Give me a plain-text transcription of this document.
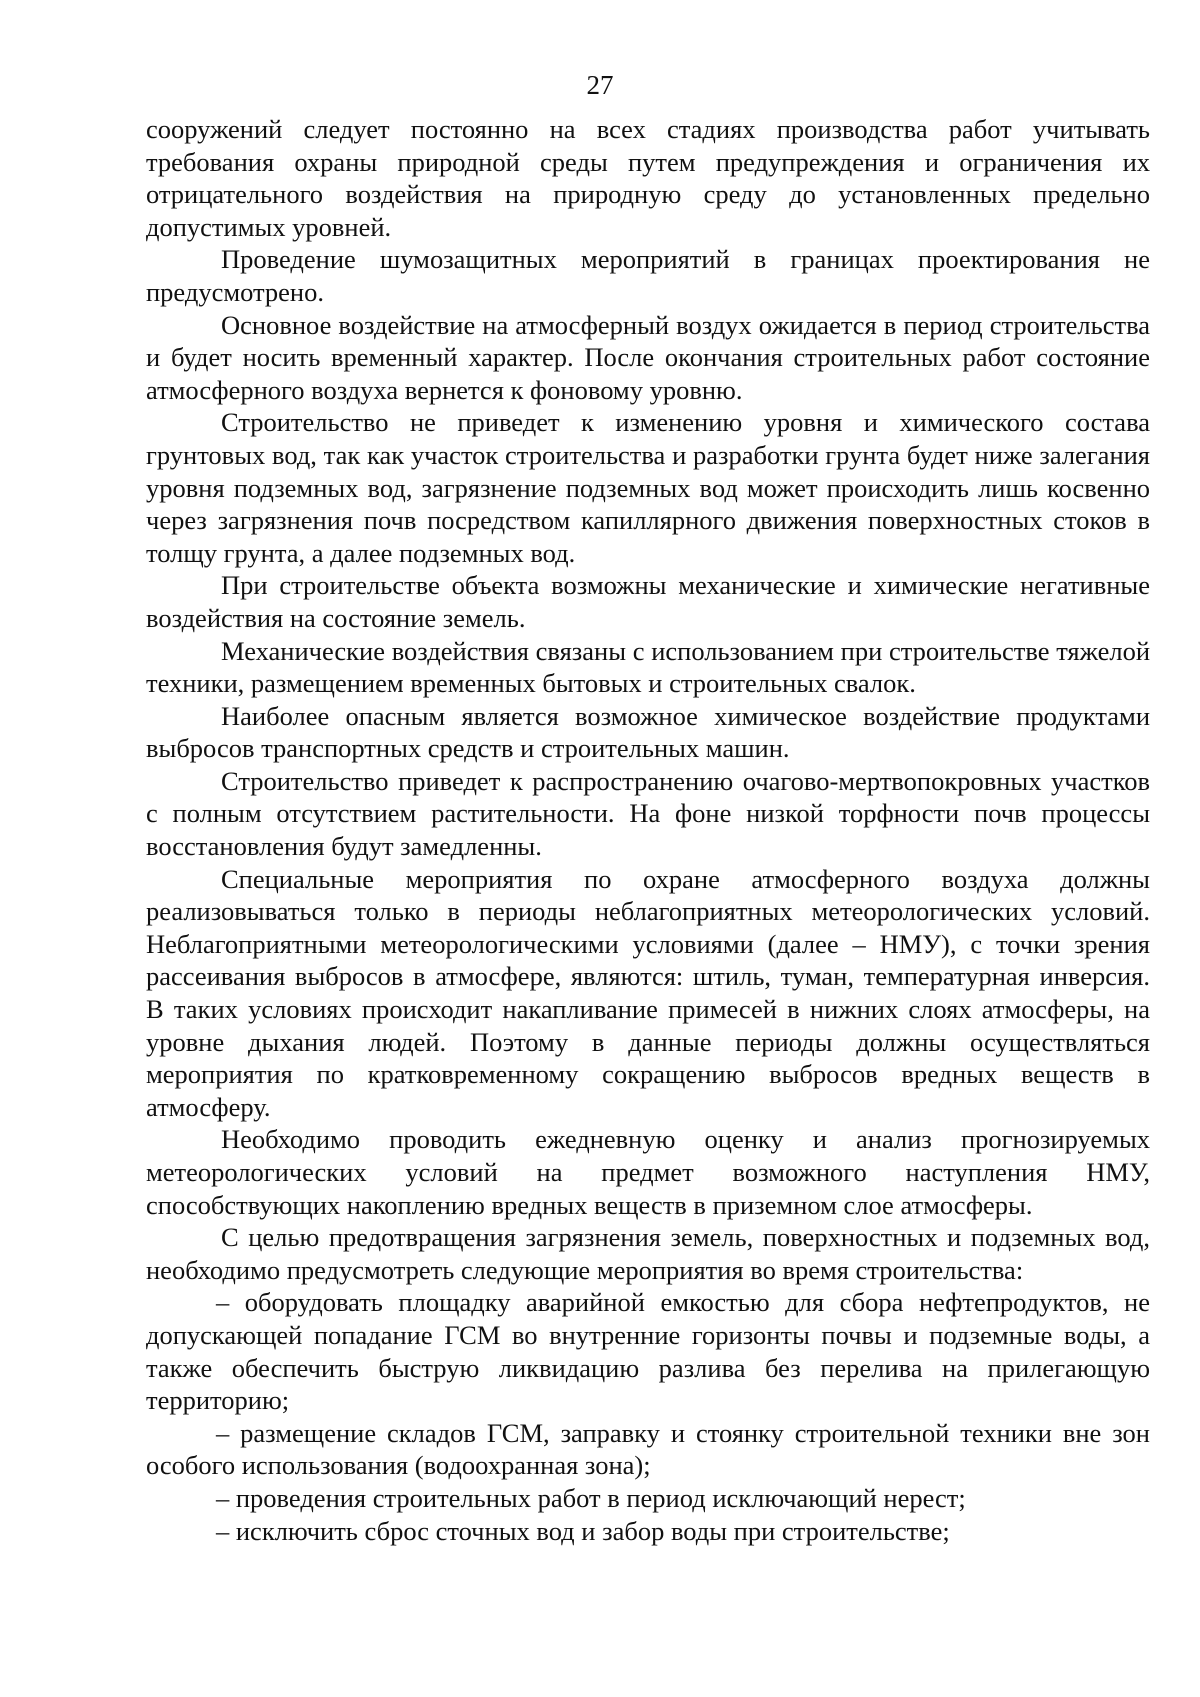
27

сооружений следует постоянно на всех стадиях производства работ учитывать требования охраны природной среды путем предупреждения и ограничения их отрицательного воздействия на природную среду до установленных предельно допустимых уровней.

Проведение шумозащитных мероприятий в границах проектирования не предусмотрено.

Основное воздействие на атмосферный воздух ожидается в период строительства и будет носить временный характер. После окончания строительных работ состояние атмосферного воздуха вернется к фоновому уровню.

Строительство не приведет к изменению уровня и химического состава грунтовых вод, так как участок строительства и разработки грунта будет ниже залегания уровня подземных вод, загрязнение подземных вод может происходить лишь косвенно через загрязнения почв посредством капиллярного движения поверхностных стоков в толщу грунта, а далее подземных вод.

При строительстве объекта возможны механические и химические негативные воздействия на состояние земель.

Механические воздействия связаны с использованием при строительстве тяжелой техники, размещением временных бытовых и строительных свалок.

Наиболее опасным является возможное химическое воздействие продуктами выбросов транспортных средств и строительных машин.

Строительство приведет к распространению очагово-мертвопокровных участков с полным отсутствием растительности. На фоне низкой торфности почв процессы восстановления будут замедленны.

Специальные мероприятия по охране атмосферного воздуха должны реализовываться только в периоды неблагоприятных метеорологических условий. Неблагоприятными метеорологическими условиями (далее – НМУ), с точки зрения рассеивания выбросов в атмосфере, являются: штиль, туман, температурная инверсия. В таких условиях происходит накапливание примесей в нижних слоях атмосферы, на уровне дыхания людей. Поэтому в данные периоды должны осуществляться мероприятия по кратковременному сокращению выбросов вредных веществ в атмосферу.

Необходимо проводить ежедневную оценку и анализ прогнозируемых метеорологических условий на предмет возможного наступления НМУ, способствующих накоплению вредных веществ в приземном слое атмосферы.

С целью предотвращения загрязнения земель, поверхностных и подземных вод, необходимо предусмотреть следующие мероприятия во время строительства:

– оборудовать площадку аварийной емкостью для сбора нефтепродуктов, не допускающей попадание ГСМ во внутренние горизонты почвы и подземные воды, а также обеспечить быструю ликвидацию разлива без перелива на прилегающую территорию;

– размещение складов ГСМ, заправку и стоянку строительной техники вне зон особого использования (водоохранная зона);

– проведения строительных работ в период исключающий нерест;

– исключить сброс сточных вод и забор воды при строительстве;
